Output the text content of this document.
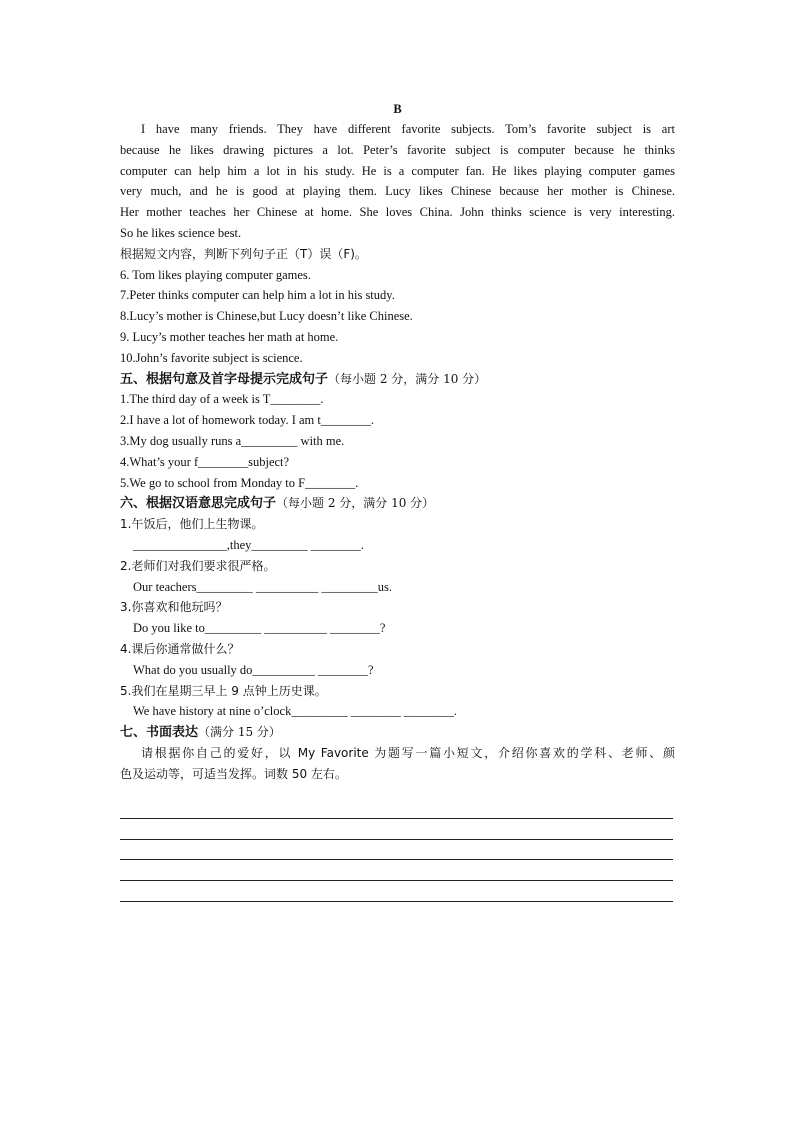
B
I have many friends. They have different favorite subjects. Tom’s favorite subject is art
because he likes drawing pictures a lot. Peter’s favorite subject is computer because he thinks
computer can help him a lot in his study. He is a computer fan. He likes playing computer games
very much, and he is good at playing them. Lucy likes Chinese because her mother is Chinese.
Her mother teaches her Chinese at home. She loves China. John thinks science is very interesting.
So he likes science best.
根据短文内容，判断下列句子正（T）误（F)。
6. Tom likes playing computer games.
7.Peter thinks computer can help him a lot in his study.
8.Lucy’s mother is Chinese,but Lucy doesn’t like Chinese.
9. Lucy’s mother teaches her math at home.
10.John’s favorite subject is science.
五、根据句意及首字母提示完成句子（每小题 2 分，满分 10 分）
1.The third day of a week is T________.
2.I have a lot of homework today. I am t________.
3.My dog usually runs a_________ with me.
4.What’s your f________subject?
5.We go to school from Monday to F________.
六、根据汉语意思完成句子（每小题 2 分，满分 10 分）
1.午饭后，他们上生物课。
_______________,they_________ ________.
2.老师们对我们要求很严格。
Our teachers_________ __________ _________us.
3.你喜欢和他玩吗？
Do you like to_________ __________ ________?
4.课后你通常做什么？
What do you usually do__________ ________?
5.我们在星期三早上 9 点钟上历史课。
We have history at nine o’clock_________ ________ ________.
七、书面表达（满分 15 分）
请根据你自己的爱好，以 My Favorite 为题写一篇小短文，介绍你喜欢的学科、老师、颜
色及运动等，可适当发挥。词数 50 左右。
